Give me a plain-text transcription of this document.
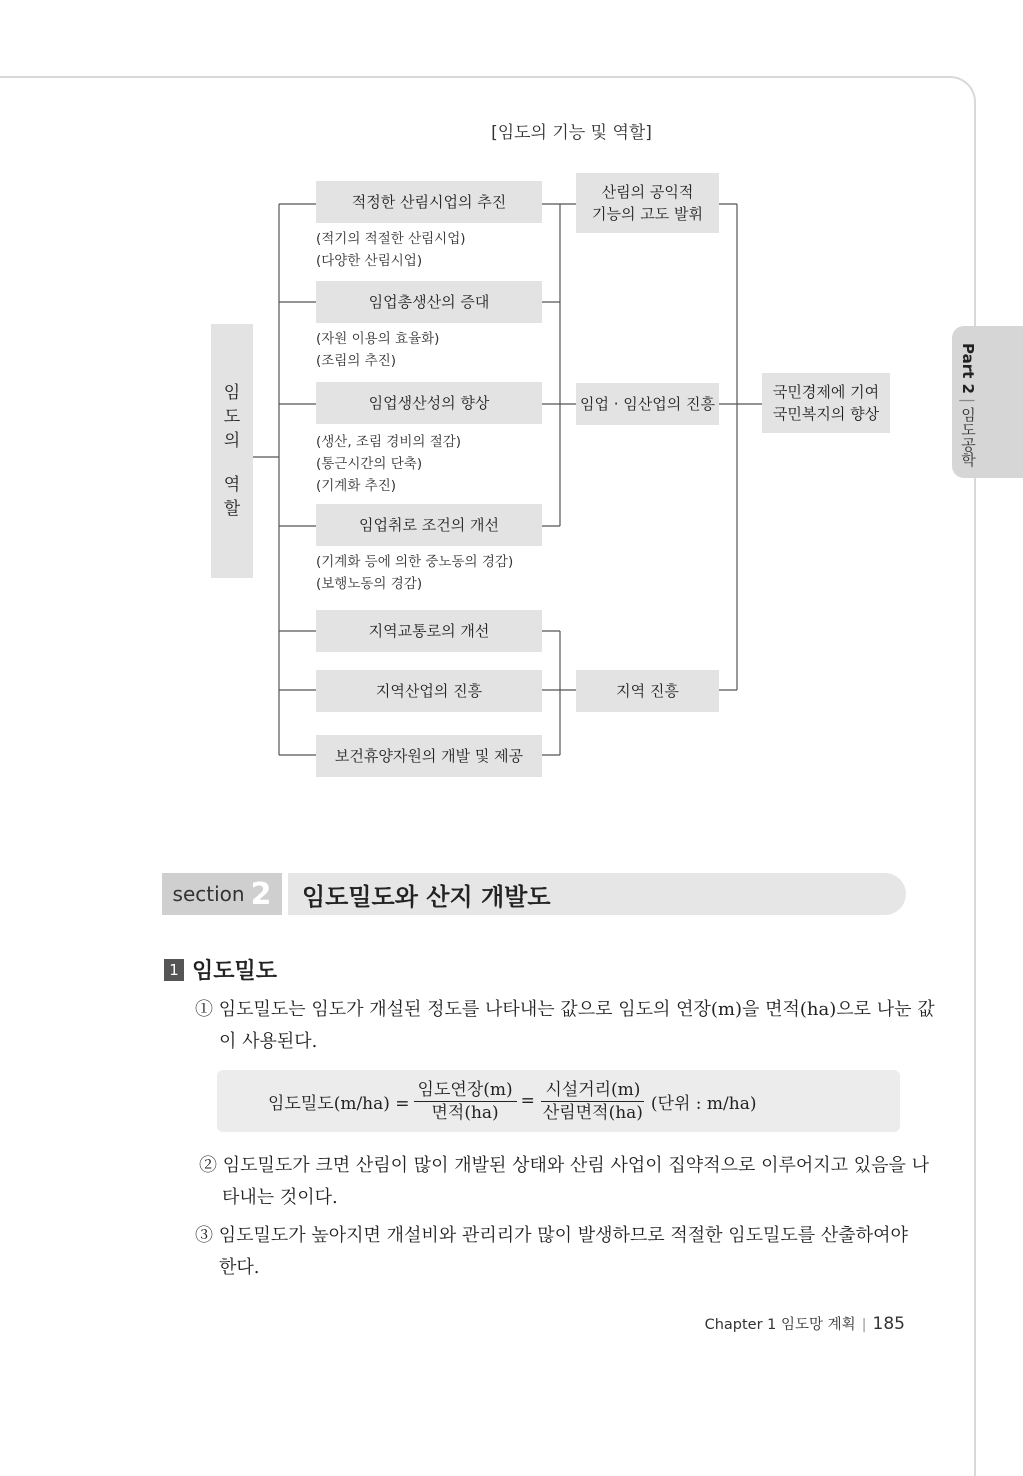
[임도의 기능 및 역할]
임
도
의
역
할
적정한 산림시업의 추진
(적기의 적절한 산림시업)
(다양한 산림시업)
임업총생산의 증대
(자원 이용의 효율화)
(조림의 추진)
임업생산성의 향상
(생산, 조림 경비의 절감)
(통근시간의 단축)
(기계화 추진)
임업취로 조건의 개선
(기계화 등에 의한 중노동의 경감)
(보행노동의 경감)
지역교통로의 개선
지역산업의 진흥
보건휴양자원의 개발 및 제공
산림의 공익적
기능의 고도 발휘
임업 · 임산업의 진흥
지역 진흥
국민경제에 기여
국민복지의 향상
Part 2|임도공학
section 2 임도밀도와 산지 개발도
1 임도밀도
① 임도밀도는 임도가 개설된 정도를 나타내는 값으로 임도의 연장(m)을 면적(ha)으로 나눈 값
이 사용된다.
임도밀도$(m/ha) = \frac{\text{임도연장(m)}}{\text{면적(ha)}} = \frac{\text{시설거리(m)}}{\text{산림면적(ha)}}$ (단위 : m/ha)
② 임도밀도가 크면 산림이 많이 개발된 상태와 산림 사업이 집약적으로 이루어지고 있음을 나
타내는 것이다.
③ 임도밀도가 높아지면 개설비와 관리리가 많이 발생하므로 적절한 임도밀도를 산출하여야
한다.
Chapter 1 임도망 계획 | 185
